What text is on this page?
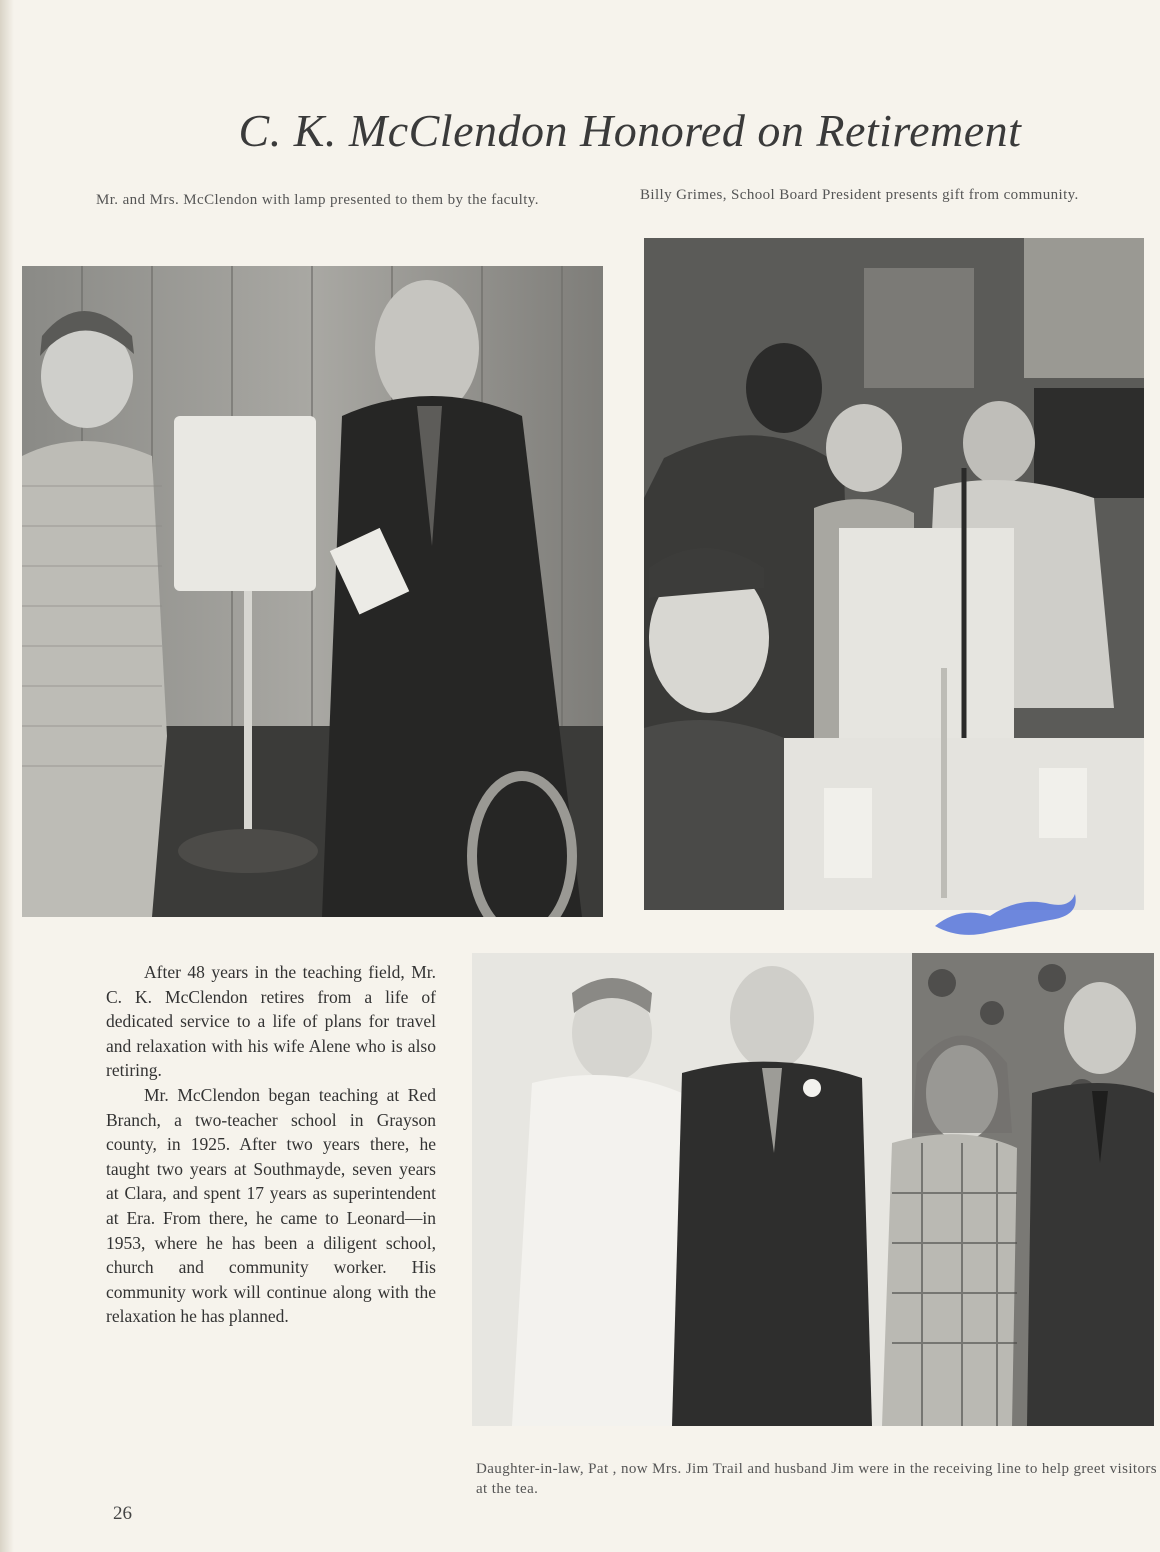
C. K. McClendon Honored on Retirement
Mr. and Mrs. McClendon with lamp presented to them by the faculty.	Billy Grimes, School Board President presents gift from community.

After 48 years in the teaching field, Mr. C. K. McClendon retires from a life of dedicated service to a life of plans for travel and relaxation with his wife Alene who is also retiring.

Mr. McClendon began teaching at Red Branch, a two-teacher school in Grayson county, in 1925. After two years there, he taught two years at Southmayde, seven years at Clara, and spent 17 years as superintendent at Era. From there, he came to Leonard—in 1953, where he has been a diligent school, church and community worker. His community work will continue along with the relaxation he has planned.

Daughter-in-law, Pat , now Mrs. Jim Trail and husband Jim were in the receiving line to help greet visitors at the tea.
26
